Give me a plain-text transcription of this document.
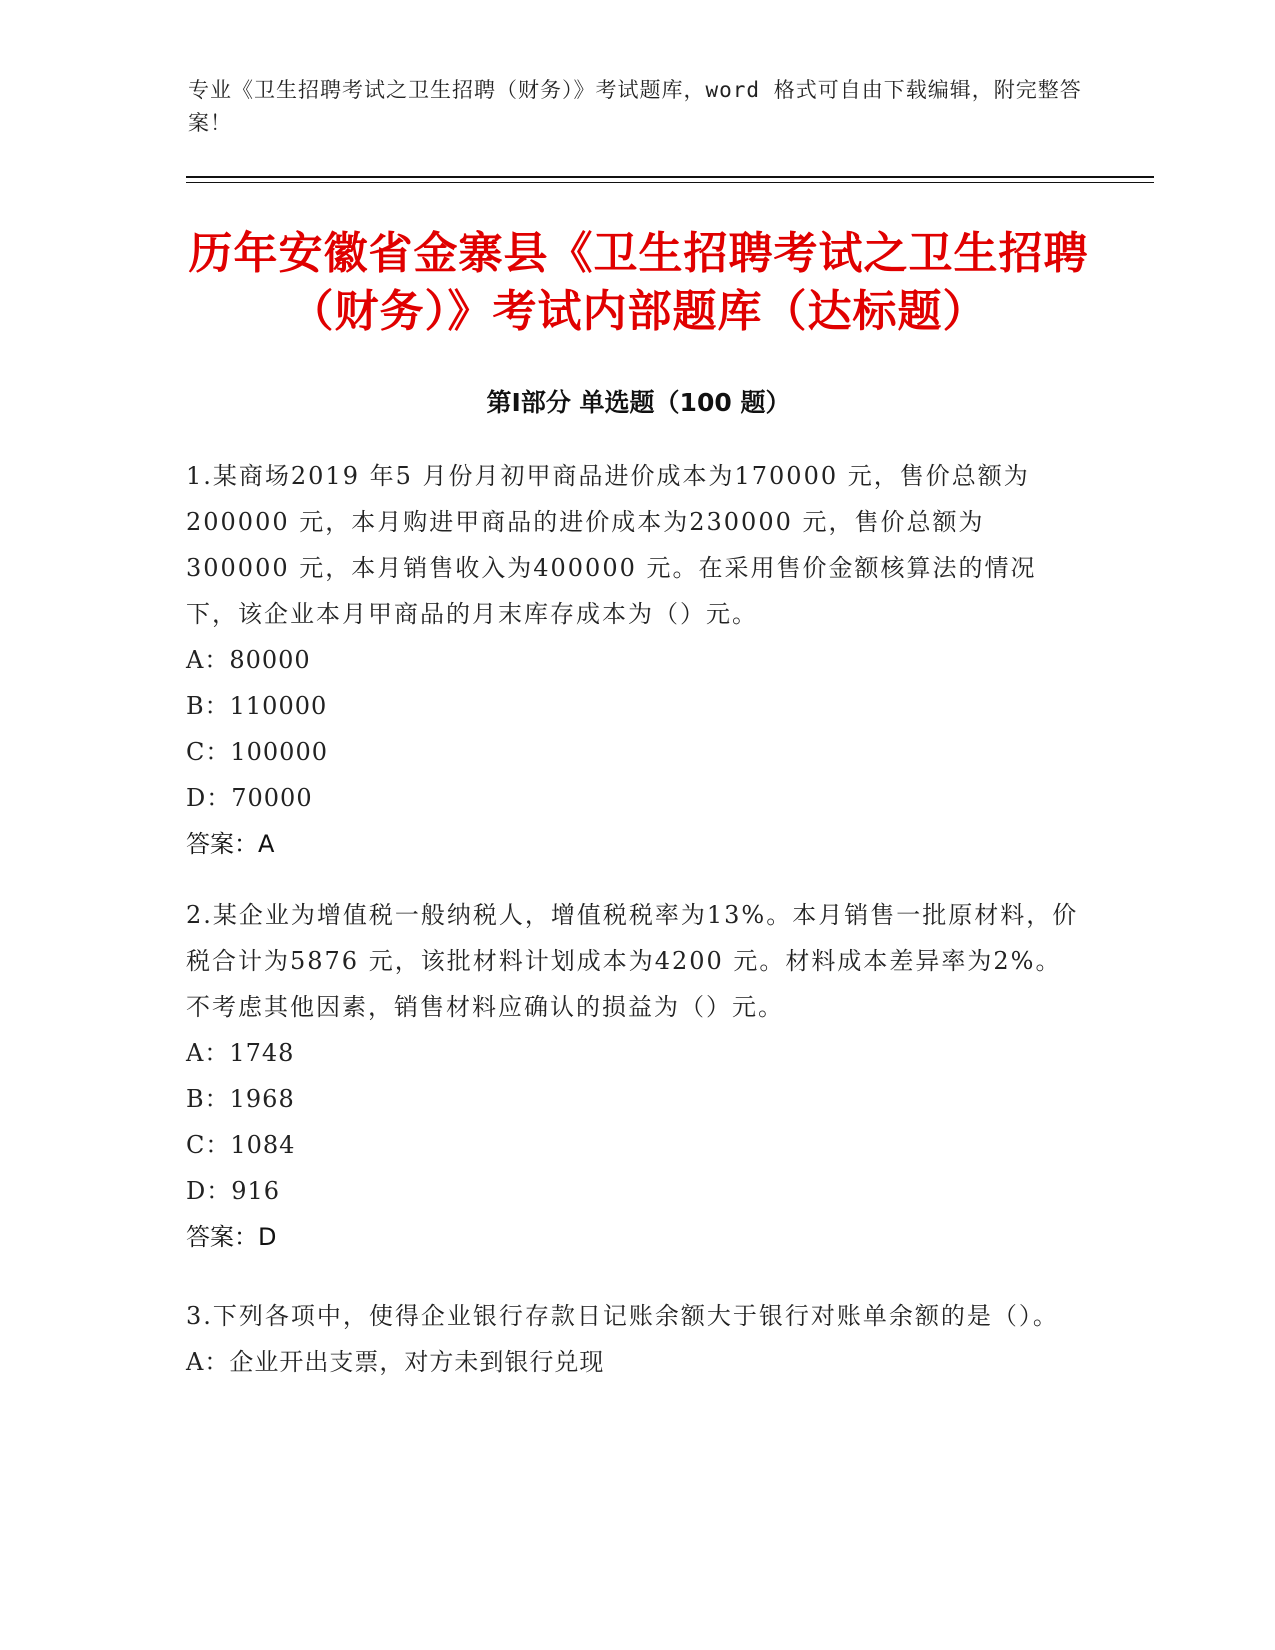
专业《卫生招聘考试之卫生招聘（财务）》考试题库，word 格式可自由下载编辑，附完整答案！
历年安徽省金寨县《卫生招聘考试之卫生招聘（财务）》考试内部题库（达标题）
第Ⅰ部分 单选题（100 题）

1.某商场2019 年5 月份月初甲商品进价成本为170000 元，售价总额为200000 元，本月购进甲商品的进价成本为230000 元，售价总额为300000 元，本月销售收入为400000 元。在采用售价金额核算法的情况下，该企业本月甲商品的月末库存成本为（）元。

A：80000
B：110000
C：100000
D：70000
答案：A

2.某企业为增值税一般纳税人，增值税税率为13%。本月销售一批原材料，价税合计为5876 元，该批材料计划成本为4200 元。材料成本差异率为2%。不考虑其他因素，销售材料应确认的损益为（）元。

A：1748
B：1968
C：1084
D：916
答案：D

3.下列各项中，使得企业银行存款日记账余额大于银行对账单余额的是（）。

A：企业开出支票，对方未到银行兑现
